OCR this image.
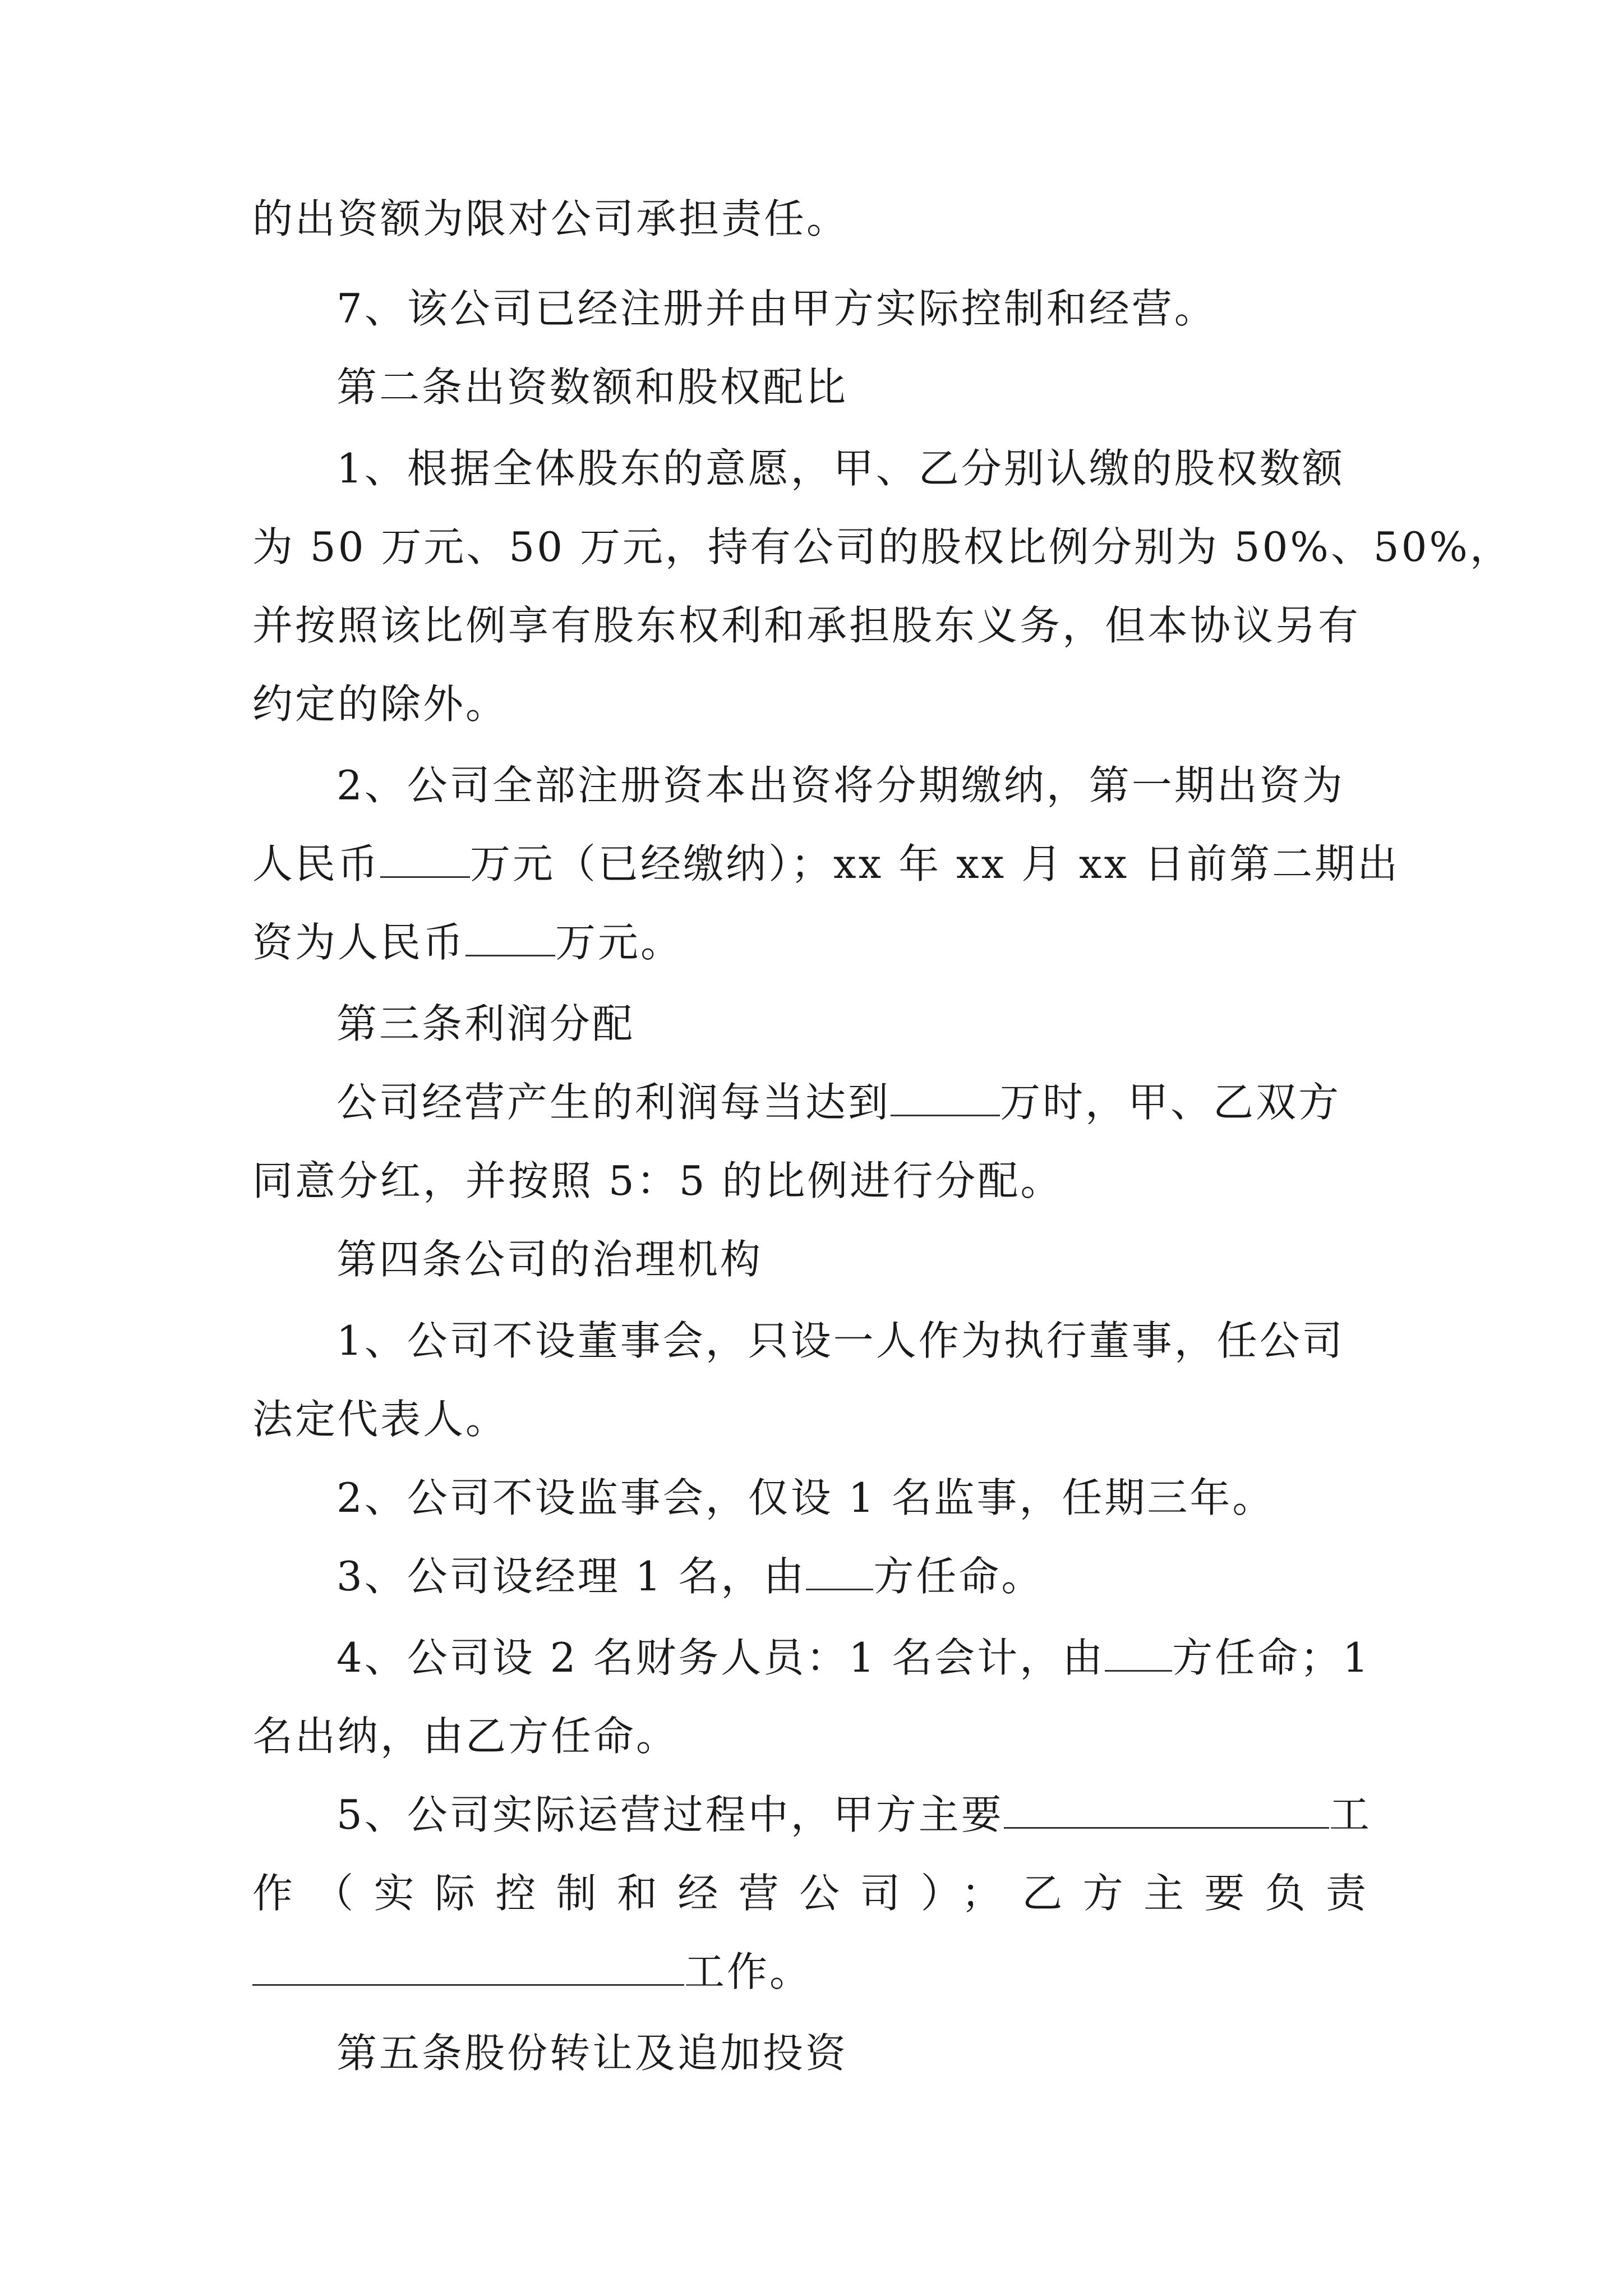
的出资额为限对公司承担责任。
7、该公司已经注册并由甲方实际控制和经营。
第二条出资数额和股权配比
1、根据全体股东的意愿，甲、乙分别认缴的股权数额
为 50 万元、50 万元，持有公司的股权比例分别为 50%、50%，
并按照该比例享有股东权利和承担股东义务，但本协议另有
约定的除外。
2、公司全部注册资本出资将分期缴纳，第一期出资为
人民币 万元（已经缴纳）；xx 年 xx 月 xx 日前第二期出
资为人民币 万元。
第三条利润分配
公司经营产生的利润每当达到	万时，甲、乙双方
同意分红，并按照 5：5 的比例进行分配。
第四条公司的治理机构
1、公司不设董事会，只设一人作为执行董事，任公司
法定代表人。
2、公司不设监事会，仅设 1 名监事，任期三年。
3、公司设经理 1 名，由 方任命。
4、公司设 2 名财务人员：1 名会计，由 方任命；1
名出纳，由乙方任命。
5、公司实际运营过程中，甲方主要	工
作（实际控制和经营公司）；乙方主要负责
工作。
第五条股份转让及追加投资
